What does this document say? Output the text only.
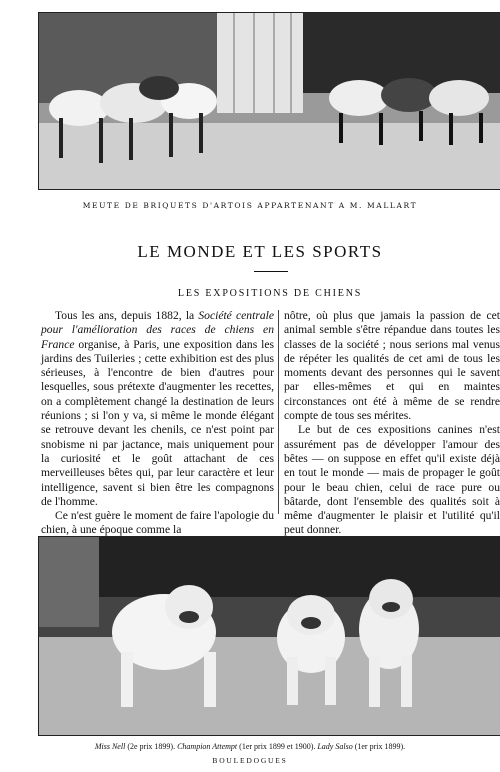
MEUTE DE BRIQUETS D'ARTOIS APPARTENANT A M. MALLART
LE MONDE ET LES SPORTS
LES EXPOSITIONS DE CHIENS

Tous les ans, depuis 1882, la Société centrale pour l'amélioration des races de chiens en France organise, à Paris, une exposition dans les jardins des Tuileries ; cette exhibition est des plus sérieuses, à l'encontre de bien d'autres pour lesquelles, sous prétexte d'augmenter les recettes, on a complètement changé la destination de leurs réunions ; si l'on y va, si même le monde élégant se retrouve devant les chenils, ce n'est point par snobisme ni par jactance, mais uniquement pour la curiosité et le goût attachant de ces merveilleuses bêtes qui, par leur caractère et leur intelligence, savent si bien être les compagnons de l'homme.

Ce n'est guère le moment de faire l'apologie du chien, à une époque comme la

nôtre, où plus que jamais la passion de cet animal semble s'être répandue dans toutes les classes de la société ; nous serions mal venus de répéter les qualités de cet ami de tous les moments devant des personnes qui le savent par elles-mêmes et qui en maintes circonstances ont été à même de se rendre compte de tous ses mérites.

Le but de ces expositions canines n'est assurément pas de développer l'amour des bêtes — on suppose en effet qu'il existe déjà en tout le monde — mais de propager le goût pour le beau chien, celui de race pure ou bâtarde, dont l'ensemble des qualités soit à même d'augmenter le plaisir et l'utilité qu'il peut donner.

Miss Nell (2e prix 1899). Champion Attempt (1er prix 1899 et 1900). Lady Salso (1er prix 1899).
BOULEDOGUES
